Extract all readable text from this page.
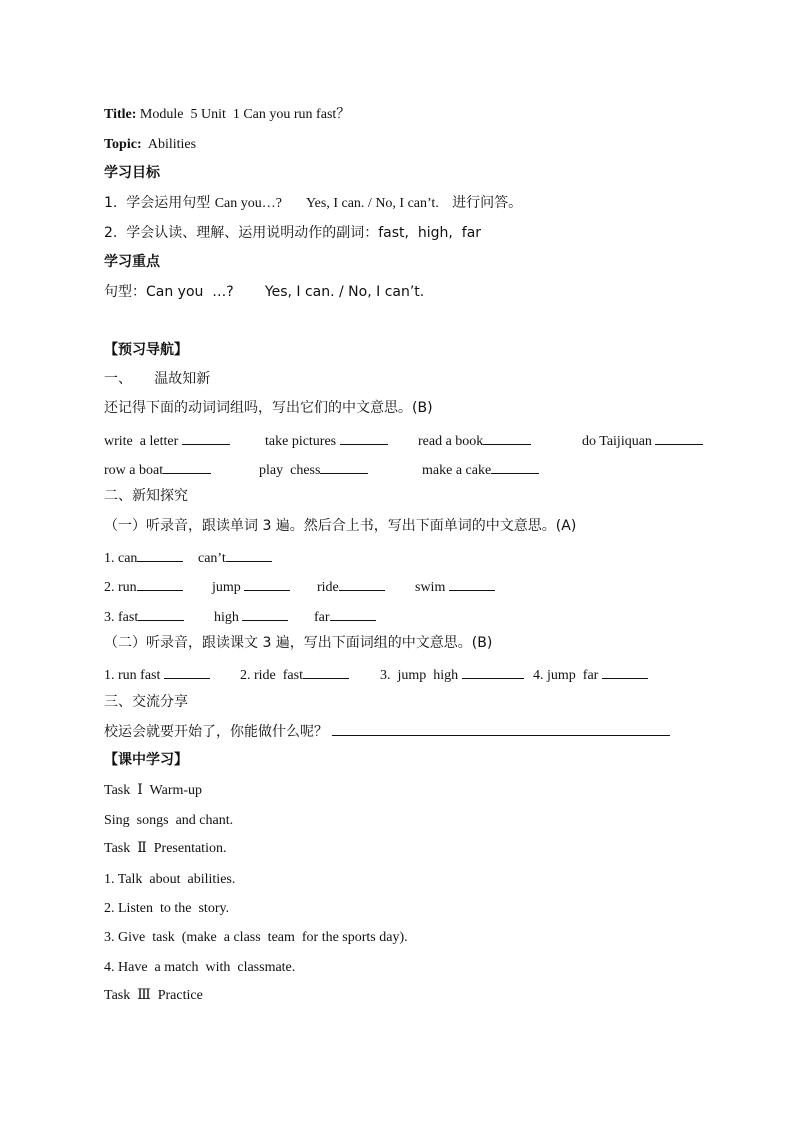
Title: Module  5 Unit  1 Can you run fast？
Topic: Abilities
学习目标
1.  学会运用句型 Can you…?       Yes, I can. / No, I can’t.   进行问答。
2.  学会认读、理解、运用说明动作的副词：fast,  high,  far
学习重点
句型：Can you  …?       Yes, I can. / No, I can’t.
【预习导航】
一、     温故知新
还记得下面的动词词组吗，写出它们的中文意思。(B)
write  a letter	take pictures	read a book	do Taijiquan
row a boat	play  chess	make a cake
二、新知探究
（一）听录音，跟读单词 3 遍。然后合上书，写出下面单词的中文意思。(A)
1. can	can’t
2. run	jump	ride	swim
3. fast	high	far
（二）听录音，跟读课文 3 遍，写出下面词组的中文意思。(B)
1. run fast	2. ride  fast	3.  jump  high	4. jump  far
三、交流分享
校运会就要开始了，你能做什么呢？
【课中学习】
Task  Ⅰ  Warm-up
Sing  songs  and chant.
Task  Ⅱ  Presentation.
1. Talk  about  abilities.
2. Listen  to the  story.
3. Give  task  (make  a class  team  for the sports day).
4. Have  a match  with  classmate.
Task  Ⅲ  Practice
